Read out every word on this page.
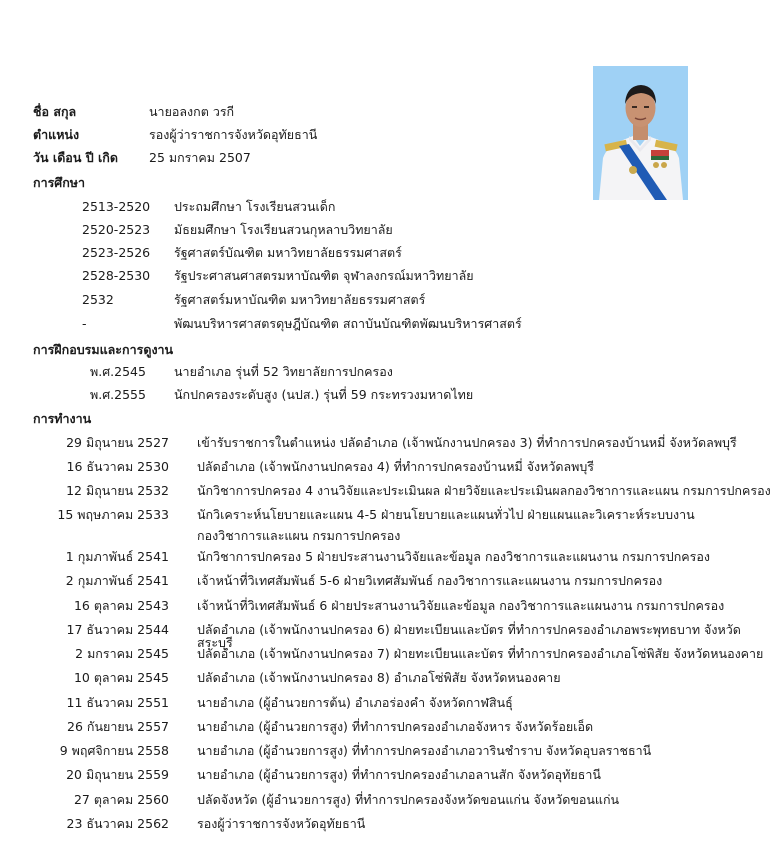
ชื่อ สกุล	นายอลงกต วรกี
ตำแหน่ง	รองผู้ว่าราชการจังหวัดอุทัยธานี
วัน เดือน ปี เกิด 25 มกราคม 2507
การศึกษา
2513-2520 ประถมศึกษา โรงเรียนสวนเด็ก
2520-2523 มัธยมศึกษา โรงเรียนสวนกุหลาบวิทยาลัย
2523-2526 รัฐศาสตร์บัณฑิต มหาวิทยาลัยธรรมศาสตร์
2528-2530 รัฐประศาสนศาสตรมหาบัณฑิต จุฬาลงกรณ์มหาวิทยาลัย
2532	รัฐศาสตร์มหาบัณฑิต มหาวิทยาลัยธรรมศาสตร์
-	พัฒนบริหารศาสตรดุษฎีบัณฑิต สถาบันบัณฑิตพัฒนบริหารศาสตร์
การฝึกอบรมและการดูงาน
พ.ศ.2545 นายอำเภอ รุ่นที่ 52 วิทยาลัยการปกครอง
พ.ศ.2555 นักปกครองระดับสูง (นปส.) รุ่นที่ 59 กระทรวงมหาดไทย
การทำงาน
29 มิถุนายน 2527 เข้ารับราชการในตำแหน่ง ปลัดอำเภอ (เจ้าพนักงานปกครอง 3) ที่ทำการปกครองบ้านหมี่ จังหวัดลพบุรี
16 ธันวาคม 2530 ปลัดอำเภอ (เจ้าพนักงานปกครอง 4) ที่ทำการปกครองบ้านหมี่ จังหวัดลพบุรี
12 มิถุนายน 2532 นักวิชาการปกครอง 4 งานวิจัยและประเมินผล ฝ่ายวิจัยและประเมินผลกองวิชาการและแผน กรมการปกครอง
15 พฤษภาคม 2533 นักวิเคราะห์นโยบายและแผน 4-5 ฝ่ายนโยบายและแผนทั่วไป ฝ่ายแผนและวิเคราะห์ระบบงาน
กองวิชาการและแผน กรมการปกครอง
1 กุมภาพันธ์ 2541 นักวิชาการปกครอง 5 ฝ่ายประสานงานวิจัยและข้อมูล กองวิชาการและแผนงาน กรมการปกครอง
2 กุมภาพันธ์ 2541 เจ้าหน้าที่วิเทศสัมพันธ์ 5-6 ฝ่ายวิเทศสัมพันธ์ กองวิชาการและแผนงาน กรมการปกครอง
16 ตุลาคม 2543 เจ้าหน้าที่วิเทศสัมพันธ์ 6 ฝ่ายประสานงานวิจัยและข้อมูล กองวิชาการและแผนงาน กรมการปกครอง
17 ธันวาคม 2544 ปลัดอำเภอ (เจ้าพนักงานปกครอง 6) ฝ่ายทะเบียนและบัตร ที่ทำการปกครองอำเภอพระพุทธบาท จังหวัดสระบุรี
2 มกราคม 2545 ปลัดอำเภอ (เจ้าพนักงานปกครอง 7) ฝ่ายทะเบียนและบัตร ที่ทำการปกครองอำเภอโซ่พิสัย จังหวัดหนองคาย
10 ตุลาคม 2545 ปลัดอำเภอ (เจ้าพนักงานปกครอง 8) อำเภอโซ่พิสัย จังหวัดหนองคาย
11 ธันวาคม 2551 นายอำเภอ (ผู้อำนวยการต้น) อำเภอร่องคำ จังหวัดกาฬสินธุ์
26 กันยายน 2557 นายอำเภอ (ผู้อำนวยการสูง) ที่ทำการปกครองอำเภอจังหาร จังหวัดร้อยเอ็ด
9 พฤศจิกายน 2558 นายอำเภอ (ผู้อำนวยการสูง) ที่ทำการปกครองอำเภอวารินชำราบ จังหวัดอุบลราชธานี
20 มิถุนายน 2559 นายอำเภอ (ผู้อำนวยการสูง) ที่ทำการปกครองอำเภอลานสัก จังหวัดอุทัยธานี
27 ตุลาคม 2560 ปลัดจังหวัด (ผู้อำนวยการสูง) ที่ทำการปกครองจังหวัดขอนแก่น จังหวัดขอนแก่น
23 ธันวาคม 2562 รองผู้ว่าราชการจังหวัดอุทัยธานี
